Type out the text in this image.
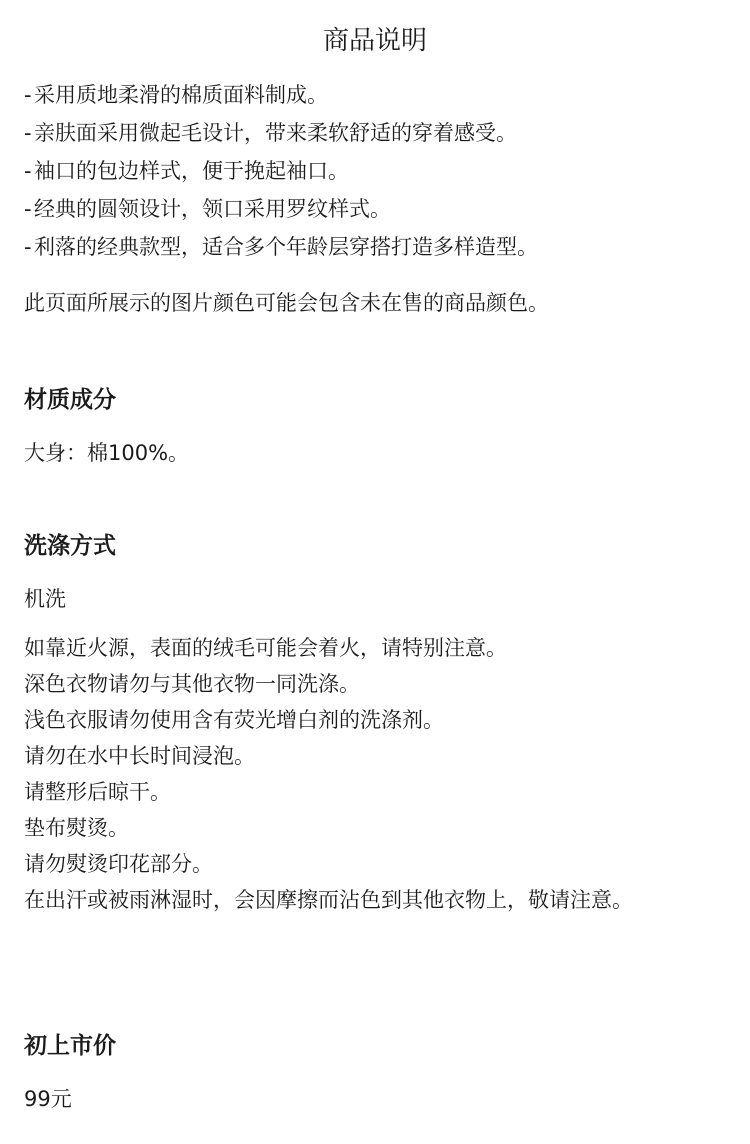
商品说明
- 采用质地柔滑的棉质面料制成。
- 亲肤面采用微起毛设计，带来柔软舒适的穿着感受。
- 袖口的包边样式，便于挽起袖口。
- 经典的圆领设计，领口采用罗纹样式。
- 利落的经典款型，适合多个年龄层穿搭打造多样造型。

此页面所展示的图片颜色可能会包含未在售的商品颜色。

材质成分

大身：棉100%。

洗涤方式

机洗

如靠近火源，表面的绒毛可能会着火，请特别注意。
深色衣物请勿与其他衣物一同洗涤。
浅色衣服请勿使用含有荧光增白剂的洗涤剂。
请勿在水中长时间浸泡。
请整形后晾干。
垫布熨烫。
请勿熨烫印花部分。
在出汗或被雨淋湿时，会因摩擦而沾色到其他衣物上，敬请注意。
初上市价

99元
